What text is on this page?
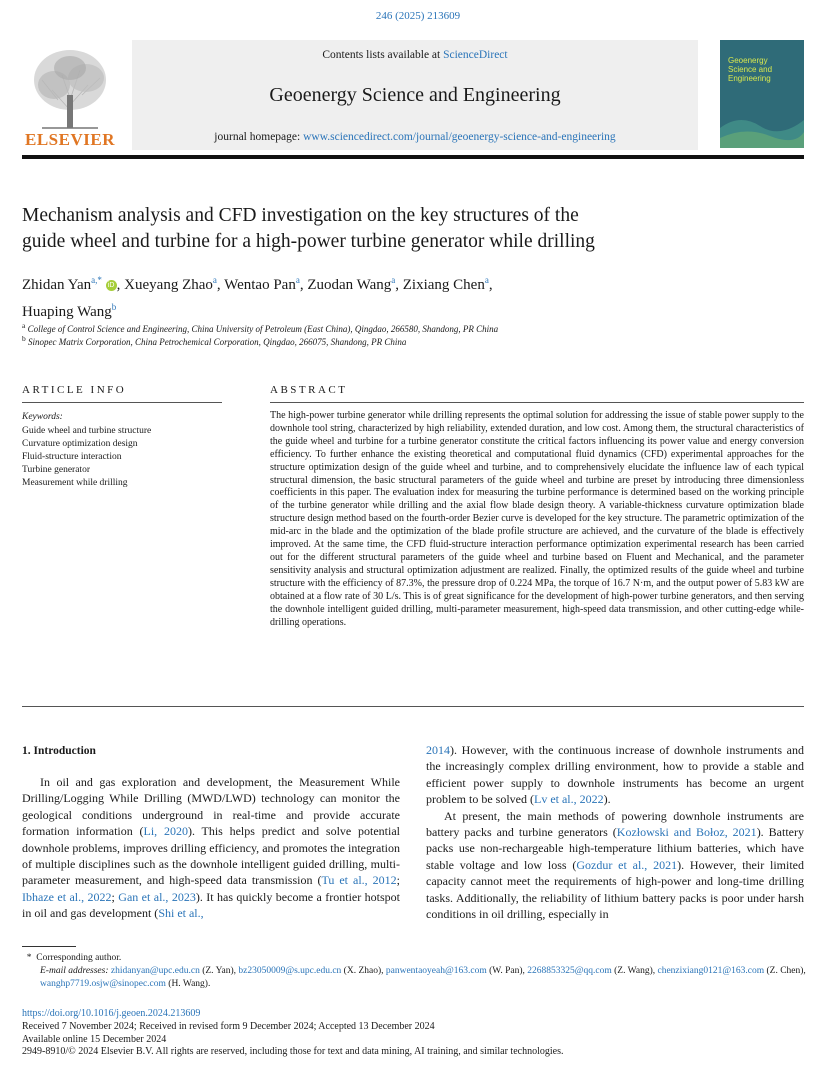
246 (2025) 213609
ELSEVIER
Contents lists available at ScienceDirect
Geoenergy Science and Engineering
journal homepage: www.sciencedirect.com/journal/geoenergy-science-and-engineering
Geoenergy
Science and
Engineering
Mechanism analysis and CFD investigation on the key structures of the
guide wheel and turbine for a high-power turbine generator while drilling
Zhidan Yan$^{a,*}$ iD , Xueyang Zhao$^a$, Wentao Pan$^a$, Zuodan Wang$^a$, Zixiang Chen$^a$,
Huaping Wang$^b$
$^a$ College of Control Science and Engineering, China University of Petroleum (East China), Qingdao, 266580, Shandong, PR China
$^b$ Sinopec Matrix Corporation, China Petrochemical Corporation, Qingdao, 266075, Shandong, PR China
ARTICLE INFO
Keywords:
Guide wheel and turbine structure
Curvature optimization design
Fluid-structure interaction
Turbine generator
Measurement while drilling
ABSTRACT
The high-power turbine generator while drilling represents the optimal solution for addressing the issue of stable power supply to the downhole tool string, characterized by high reliability, extended duration, and low cost. Among them, the structural characteristics of the guide wheel and turbine for a turbine generator constitute the critical factors influencing its power value and energy conversion efficiency. To further enhance the existing theoretical and computational fluid dynamics (CFD) experimental approaches for the structure optimization design of the guide wheel and turbine, and to comprehensively elucidate the influence law of each typical structural dimension, the basic structural parameters of the guide wheel and turbine are preset by introducing three dimensionless coefficients in this paper. The evaluation index for measuring the turbine performance is determined based on the working principle of the turbine generator while drilling and the axial flow blade design theory. A variable-thickness curvature optimization blade structure design method based on the fourth-order Bezier curve is developed for the key structure. The parametric optimization of the mid-arc in the blade and the optimization of the blade profile structure are achieved, and the curvature of the blade is effectively improved. At the same time, the CFD fluid-structure interaction performance optimization experimental research has been carried out for the different structural parameters of the guide wheel and turbine based on Fluent and Mechanical, and the parameter sensitivity analysis and structural optimization adjustment are realized. Finally, the optimized results of the guide wheel and turbine structure with the efficiency of 87.3%, the pressure drop of 0.224 MPa, the torque of 16.7 N·m, and the output power of 5.83 kW are obtained at a flow rate of 30 L/s. This is of great significance for the development of high-power turbine generators, and then serving the downhole intelligent guided drilling, multi-parameter measurement, high-speed data transmission, and other cutting-edge while-drilling operations.
1. Introduction

In oil and gas exploration and development, the Measurement While Drilling/Logging While Drilling (MWD/LWD) technology can monitor the geological conditions underground in real-time and provide accurate formation information (Li, 2020). This helps predict and solve potential downhole problems, improves drilling efficiency, and promotes the integration of multiple disciplines such as the downhole intelligent guided drilling, multi-parameter measurement, and high-speed data transmission (Tu et al., 2012; Ibhaze et al., 2022; Gan et al., 2023). It has quickly become a frontier hotspot in oil and gas development (Shi et al.,

2014). However, with the continuous increase of downhole instruments and the increasingly complex drilling environment, how to provide a stable and efficient power supply to downhole instruments has become an urgent problem to be solved (Lv et al., 2022).

At present, the main methods of powering downhole instruments are battery packs and turbine generators (Kozłowski and Bołoz, 2021). Battery packs use non-rechargeable high-temperature lithium batteries, which have stable voltage and low loss (Gozdur et al., 2021). However, their limited capacity cannot meet the requirements of high-power and long-time drilling tasks. Additionally, the reliability of lithium battery packs is poor under harsh conditions in oil drilling, especially in

* Corresponding author.
E-mail addresses: zhidanyan@upc.edu.cn (Z. Yan), bz23050009@s.upc.edu.cn (X. Zhao), panwentaoyeah@163.com (W. Pan), 2268853325@qq.com (Z. Wang), chenzixiang0121@163.com (Z. Chen), wanghp7719.osjw@sinopec.com (H. Wang).
https://doi.org/10.1016/j.geoen.2024.213609
Received 7 November 2024; Received in revised form 9 December 2024; Accepted 13 December 2024
Available online 15 December 2024
2949-8910/© 2024 Elsevier B.V. All rights are reserved, including those for text and data mining, AI training, and similar technologies.
